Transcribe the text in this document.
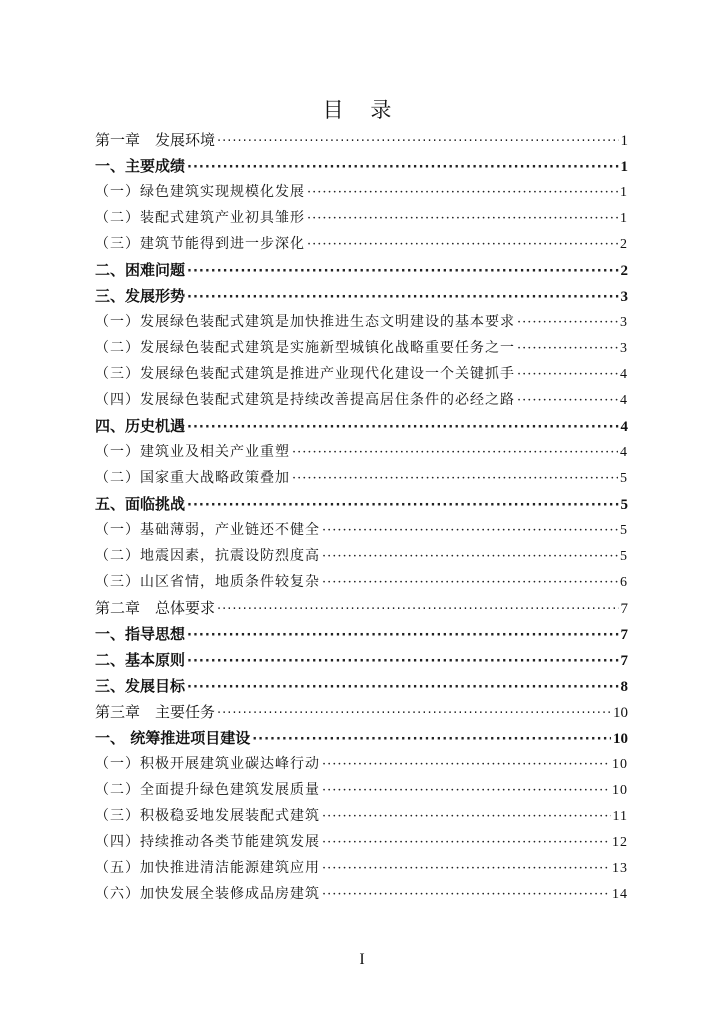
目 录
第一章　发展环境 ·····	1
一、主要成绩 ·····	1
（一）绿色建筑实现规模化发展 ·····	1
（二）装配式建筑产业初具雏形 ·····	1
（三）建筑节能得到进一步深化 ·····	2
二、困难问题 ·····	2
三、发展形势 ·····	3
（一）发展绿色装配式建筑是加快推进生态文明建设的基本要求 ·····	3
（二）发展绿色装配式建筑是实施新型城镇化战略重要任务之一 ·····	3
（三）发展绿色装配式建筑是推进产业现代化建设一个关键抓手 ·····	4
（四）发展绿色装配式建筑是持续改善提高居住条件的必经之路 ·····	4
四、历史机遇 ·····	4
（一）建筑业及相关产业重塑 ·····	4
（二）国家重大战略政策叠加 ·····	5
五、面临挑战 ·····	5
（一）基础薄弱，产业链还不健全 ·····	5
（二）地震因素，抗震设防烈度高 ·····	5
（三）山区省情，地质条件较复杂 ·····	6
第二章　总体要求 ·····	7
一、指导思想 ·····	7
二、基本原则 ·····	7
三、发展目标 ·····	8
第三章　主要任务 ·····	10
一、 统筹推进项目建设 ·····	10
（一）积极开展建筑业碳达峰行动 ·····	10
（二）全面提升绿色建筑发展质量 ·····	10
（三）积极稳妥地发展装配式建筑 ·····	11
（四）持续推动各类节能建筑发展 ·····	12
（五）加快推进清洁能源建筑应用 ·····	13
（六）加快发展全装修成品房建筑 ·····	14
I
